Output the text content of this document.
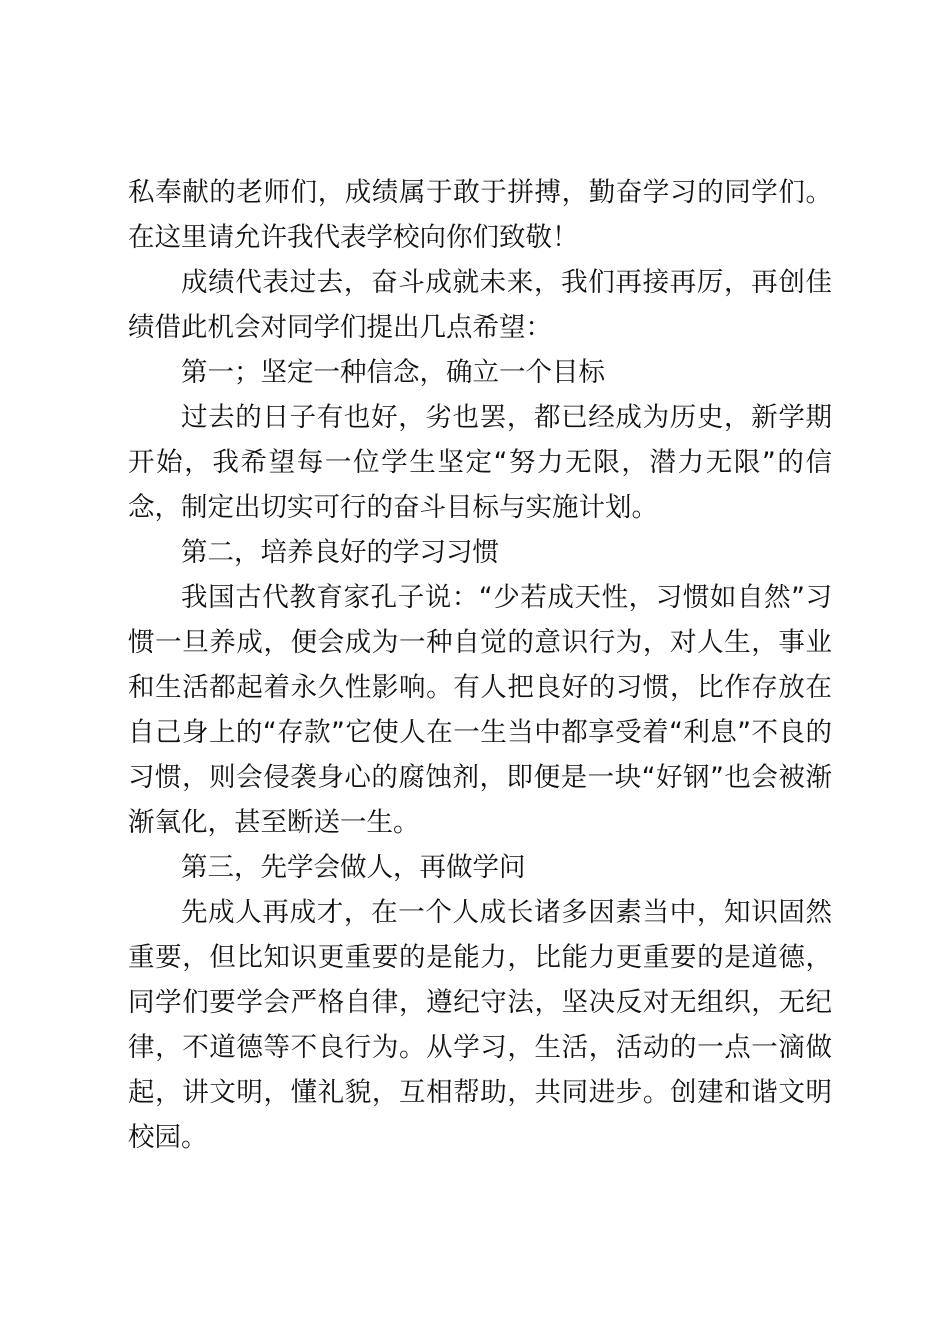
私奉献的老师们，成绩属于敢于拼搏，勤奋学习的同学们。在这里请允许我代表学校向你们致敬！

成绩代表过去，奋斗成就未来，我们再接再厉，再创佳绩借此机会对同学们提出几点希望：

第一；坚定一种信念，确立一个目标

过去的日子有也好，劣也罢，都已经成为历史，新学期开始，我希望每一位学生坚定“努力无限，潜力无限”的信念，制定出切实可行的奋斗目标与实施计划。

第二，培养良好的学习习惯

我国古代教育家孔子说：“少若成天性，习惯如自然”习惯一旦养成，便会成为一种自觉的意识行为，对人生，事业和生活都起着永久性影响。有人把良好的习惯，比作存放在自己身上的“存款”它使人在一生当中都享受着“利息”不良的习惯，则会侵袭身心的腐蚀剂，即便是一块“好钢”也会被渐渐氧化，甚至断送一生。

第三，先学会做人，再做学问

先成人再成才，在一个人成长诸多因素当中，知识固然重要，但比知识更重要的是能力，比能力更重要的是道德，同学们要学会严格自律，遵纪守法，坚决反对无组织，无纪律，不道德等不良行为。从学习，生活，活动的一点一滴做起，讲文明，懂礼貌，互相帮助，共同进步。创建和谐文明校园。
